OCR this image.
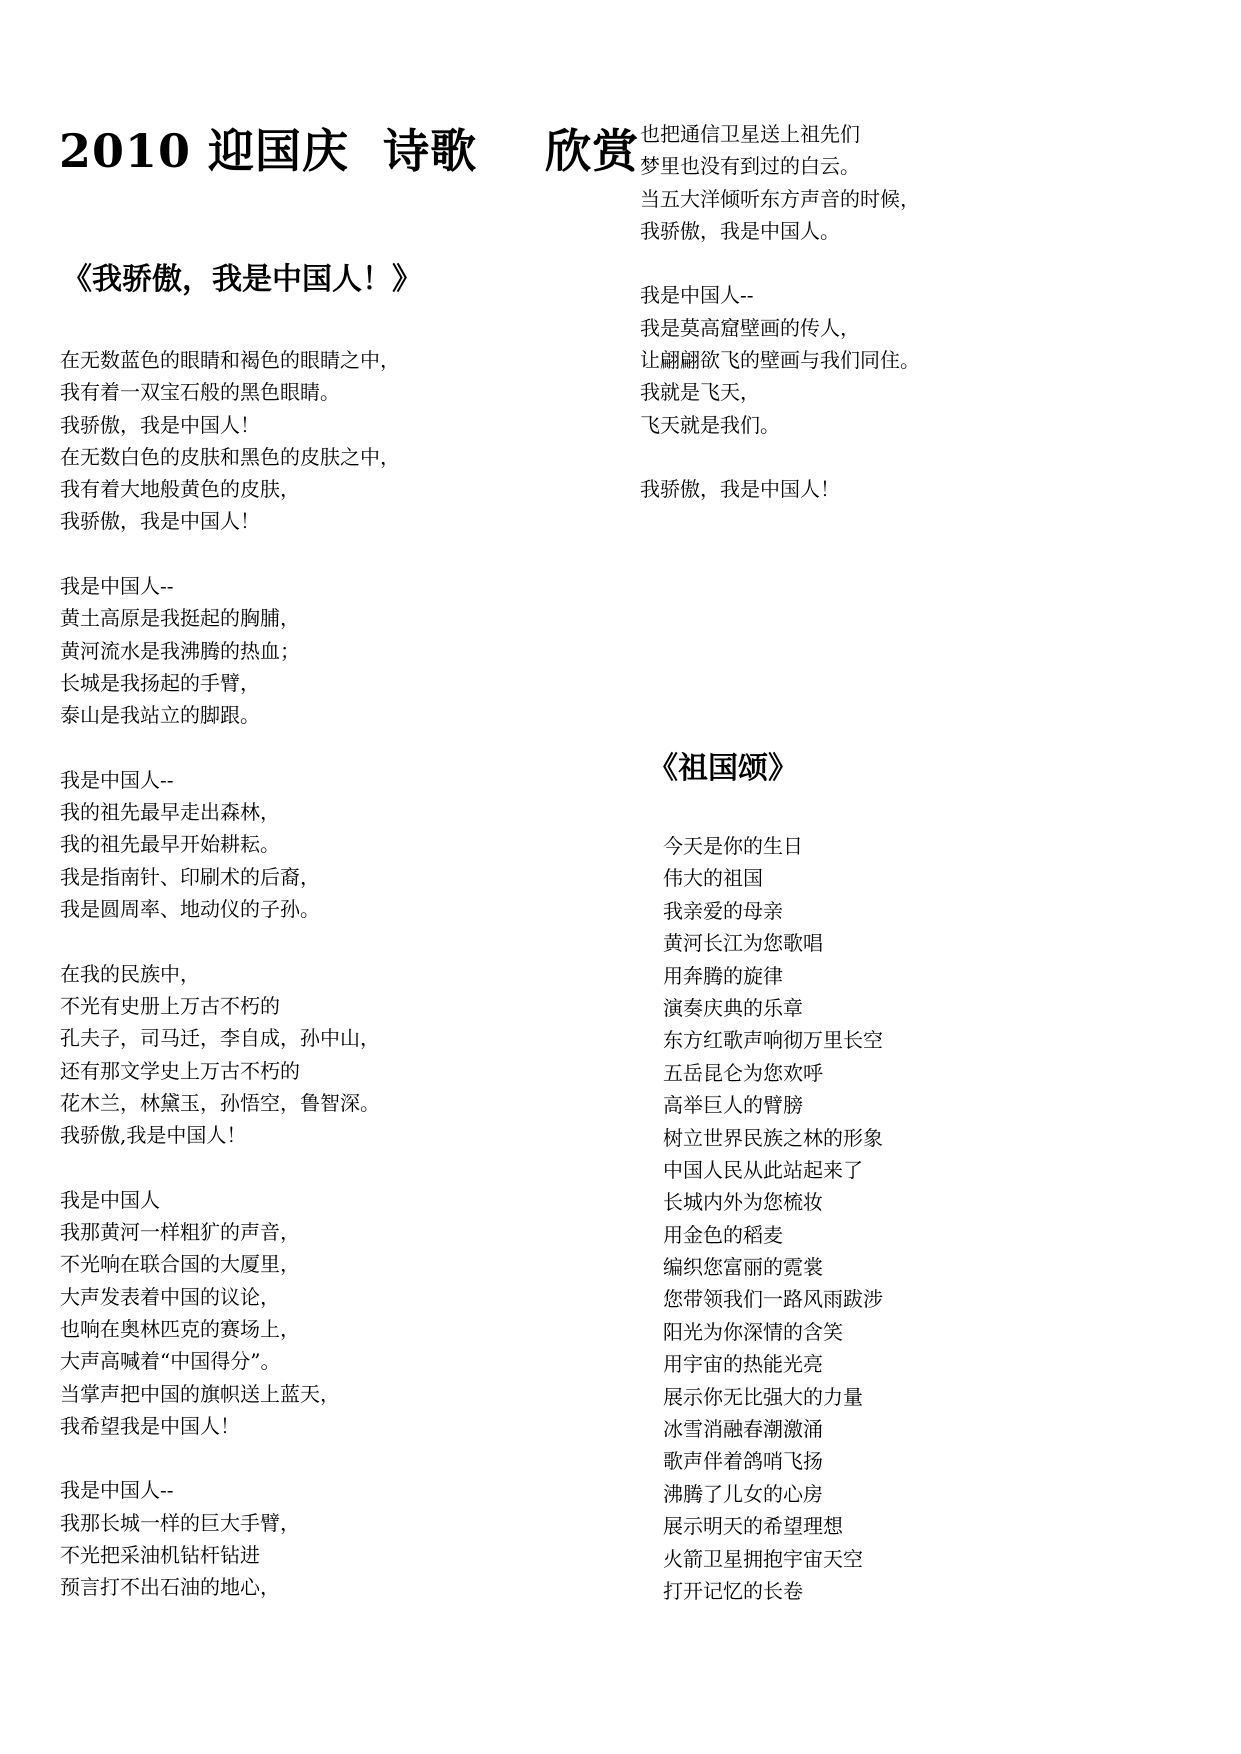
2010 迎国庆  诗歌    欣赏
《我骄傲，我是中国人！》
在无数蓝色的眼睛和褐色的眼睛之中，
我有着一双宝石般的黑色眼睛。
我骄傲，我是中国人！
在无数白色的皮肤和黑色的皮肤之中，
我有着大地般黄色的皮肤，
我骄傲，我是中国人！
我是中国人--
黄土高原是我挺起的胸脯，
黄河流水是我沸腾的热血；
长城是我扬起的手臂，
泰山是我站立的脚跟。
我是中国人--
我的祖先最早走出森林，
我的祖先最早开始耕耘。
我是指南针、印刷术的后裔，
我是圆周率、地动仪的子孙。
在我的民族中，
不光有史册上万古不朽的
孔夫子，司马迁，李自成，孙中山，
还有那文学史上万古不朽的
花木兰，林黛玉，孙悟空，鲁智深。
我骄傲,我是中国人！
我是中国人
我那黄河一样粗犷的声音，
不光响在联合国的大厦里，
大声发表着中国的议论，
也响在奥林匹克的赛场上，
大声高喊着“中国得分”。
当掌声把中国的旗帜送上蓝天，
我希望我是中国人！
我是中国人--
我那长城一样的巨大手臂，
不光把采油机钻杆钻进
预言打不出石油的地心，
也把通信卫星送上祖先们
梦里也没有到过的白云。
当五大洋倾听东方声音的时候，
我骄傲，我是中国人。
我是中国人--
我是莫高窟壁画的传人，
让翩翩欲飞的壁画与我们同住。
我就是飞天，
飞天就是我们。
我骄傲，我是中国人！
《祖国颂》
今天是你的生日
伟大的祖国
我亲爱的母亲
黄河长江为您歌唱
用奔腾的旋律
演奏庆典的乐章
东方红歌声响彻万里长空
五岳昆仑为您欢呼
高举巨人的臂膀
树立世界民族之林的形象
中国人民从此站起来了
长城内外为您梳妆
用金色的稻麦
编织您富丽的霓裳
您带领我们一路风雨跋涉
阳光为你深情的含笑
用宇宙的热能光亮
展示你无比强大的力量
冰雪消融春潮激涌
歌声伴着鸽哨飞扬
沸腾了儿女的心房
展示明天的希望理想
火箭卫星拥抱宇宙天空
打开记忆的长卷
